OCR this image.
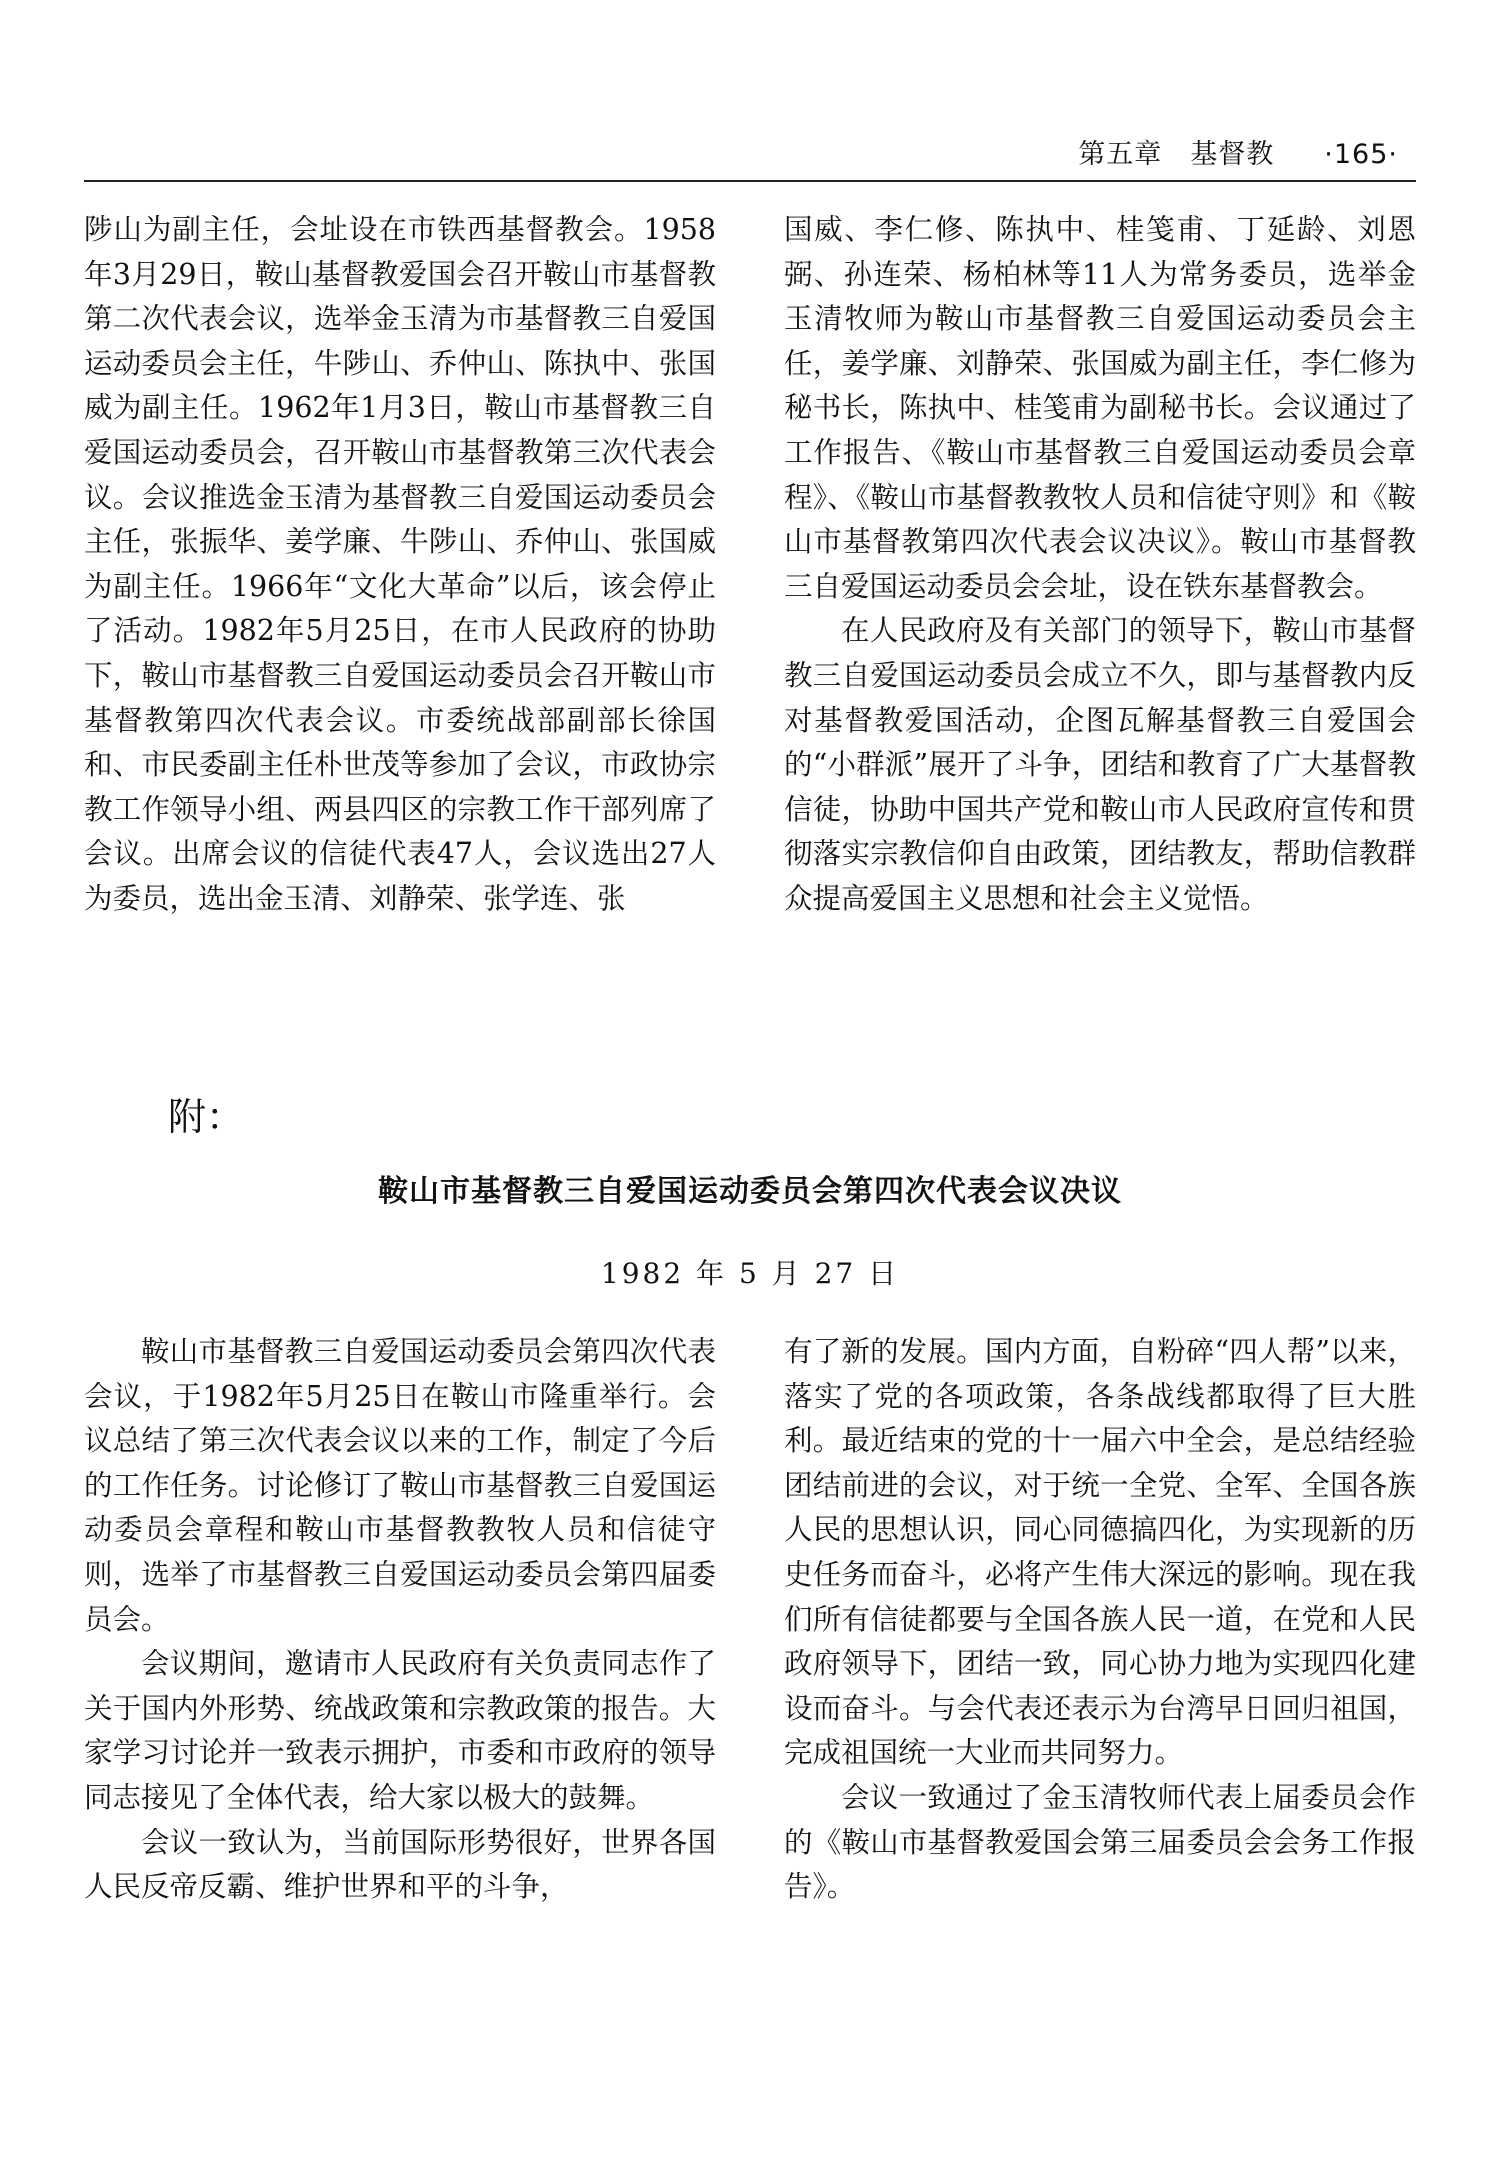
第五章　基督教 ·165·

陟山为副主任，会址设在市铁西基督教会。1958年3月29日，鞍山基督教爱国会召开鞍山市基督教第二次代表会议，选举金玉清为市基督教三自爱国运动委员会主任，牛陟山、乔仲山、陈执中、张国威为副主任。1962年1月3日，鞍山市基督教三自爱国运动委员会，召开鞍山市基督教第三次代表会议。会议推选金玉清为基督教三自爱国运动委员会主任，张振华、姜学廉、牛陟山、乔仲山、张国威为副主任。1966年“文化大革命”以后，该会停止了活动。1982年5月25日，在市人民政府的协助下，鞍山市基督教三自爱国运动委员会召开鞍山市基督教第四次代表会议。市委统战部副部长徐国和、市民委副主任朴世茂等参加了会议，市政协宗教工作领导小组、两县四区的宗教工作干部列席了会议。出席会议的信徒代表47人，会议选出27人为委员，选出金玉清、刘静荣、张学连、张

国威、李仁修、陈执中、桂笺甫、丁延龄、刘恩弼、孙连荣、杨柏林等11人为常务委员，选举金玉清牧师为鞍山市基督教三自爱国运动委员会主任，姜学廉、刘静荣、张国威为副主任，李仁修为秘书长，陈执中、桂笺甫为副秘书长。会议通过了工作报告、《鞍山市基督教三自爱国运动委员会章程》、《鞍山市基督教教牧人员和信徒守则》和《鞍山市基督教第四次代表会议决议》。鞍山市基督教三自爱国运动委员会会址，设在铁东基督教会。

在人民政府及有关部门的领导下，鞍山市基督教三自爱国运动委员会成立不久，即与基督教内反对基督教爱国活动，企图瓦解基督教三自爱国会的“小群派”展开了斗争，团结和教育了广大基督教信徒，协助中国共产党和鞍山市人民政府宣传和贯彻落实宗教信仰自由政策，团结教友，帮助信教群众提高爱国主义思想和社会主义觉悟。

附：
鞍山市基督教三自爱国运动委员会第四次代表会议决议
1982 年 5 月 27 日

鞍山市基督教三自爱国运动委员会第四次代表会议，于1982年5月25日在鞍山市隆重举行。会议总结了第三次代表会议以来的工作，制定了今后的工作任务。讨论修订了鞍山市基督教三自爱国运动委员会章程和鞍山市基督教教牧人员和信徒守则，选举了市基督教三自爱国运动委员会第四届委员会。

会议期间，邀请市人民政府有关负责同志作了关于国内外形势、统战政策和宗教政策的报告。大家学习讨论并一致表示拥护，市委和市政府的领导同志接见了全体代表，给大家以极大的鼓舞。

会议一致认为，当前国际形势很好，世界各国人民反帝反霸、维护世界和平的斗争，

有了新的发展。国内方面，自粉碎“四人帮”以来，落实了党的各项政策，各条战线都取得了巨大胜利。最近结束的党的十一届六中全会，是总结经验团结前进的会议，对于统一全党、全军、全国各族人民的思想认识，同心同德搞四化，为实现新的历史任务而奋斗，必将产生伟大深远的影响。现在我们所有信徒都要与全国各族人民一道，在党和人民政府领导下，团结一致，同心协力地为实现四化建设而奋斗。与会代表还表示为台湾早日回归祖国，完成祖国统一大业而共同努力。

会议一致通过了金玉清牧师代表上届委员会作的《鞍山市基督教爱国会第三届委员会会务工作报告》。
